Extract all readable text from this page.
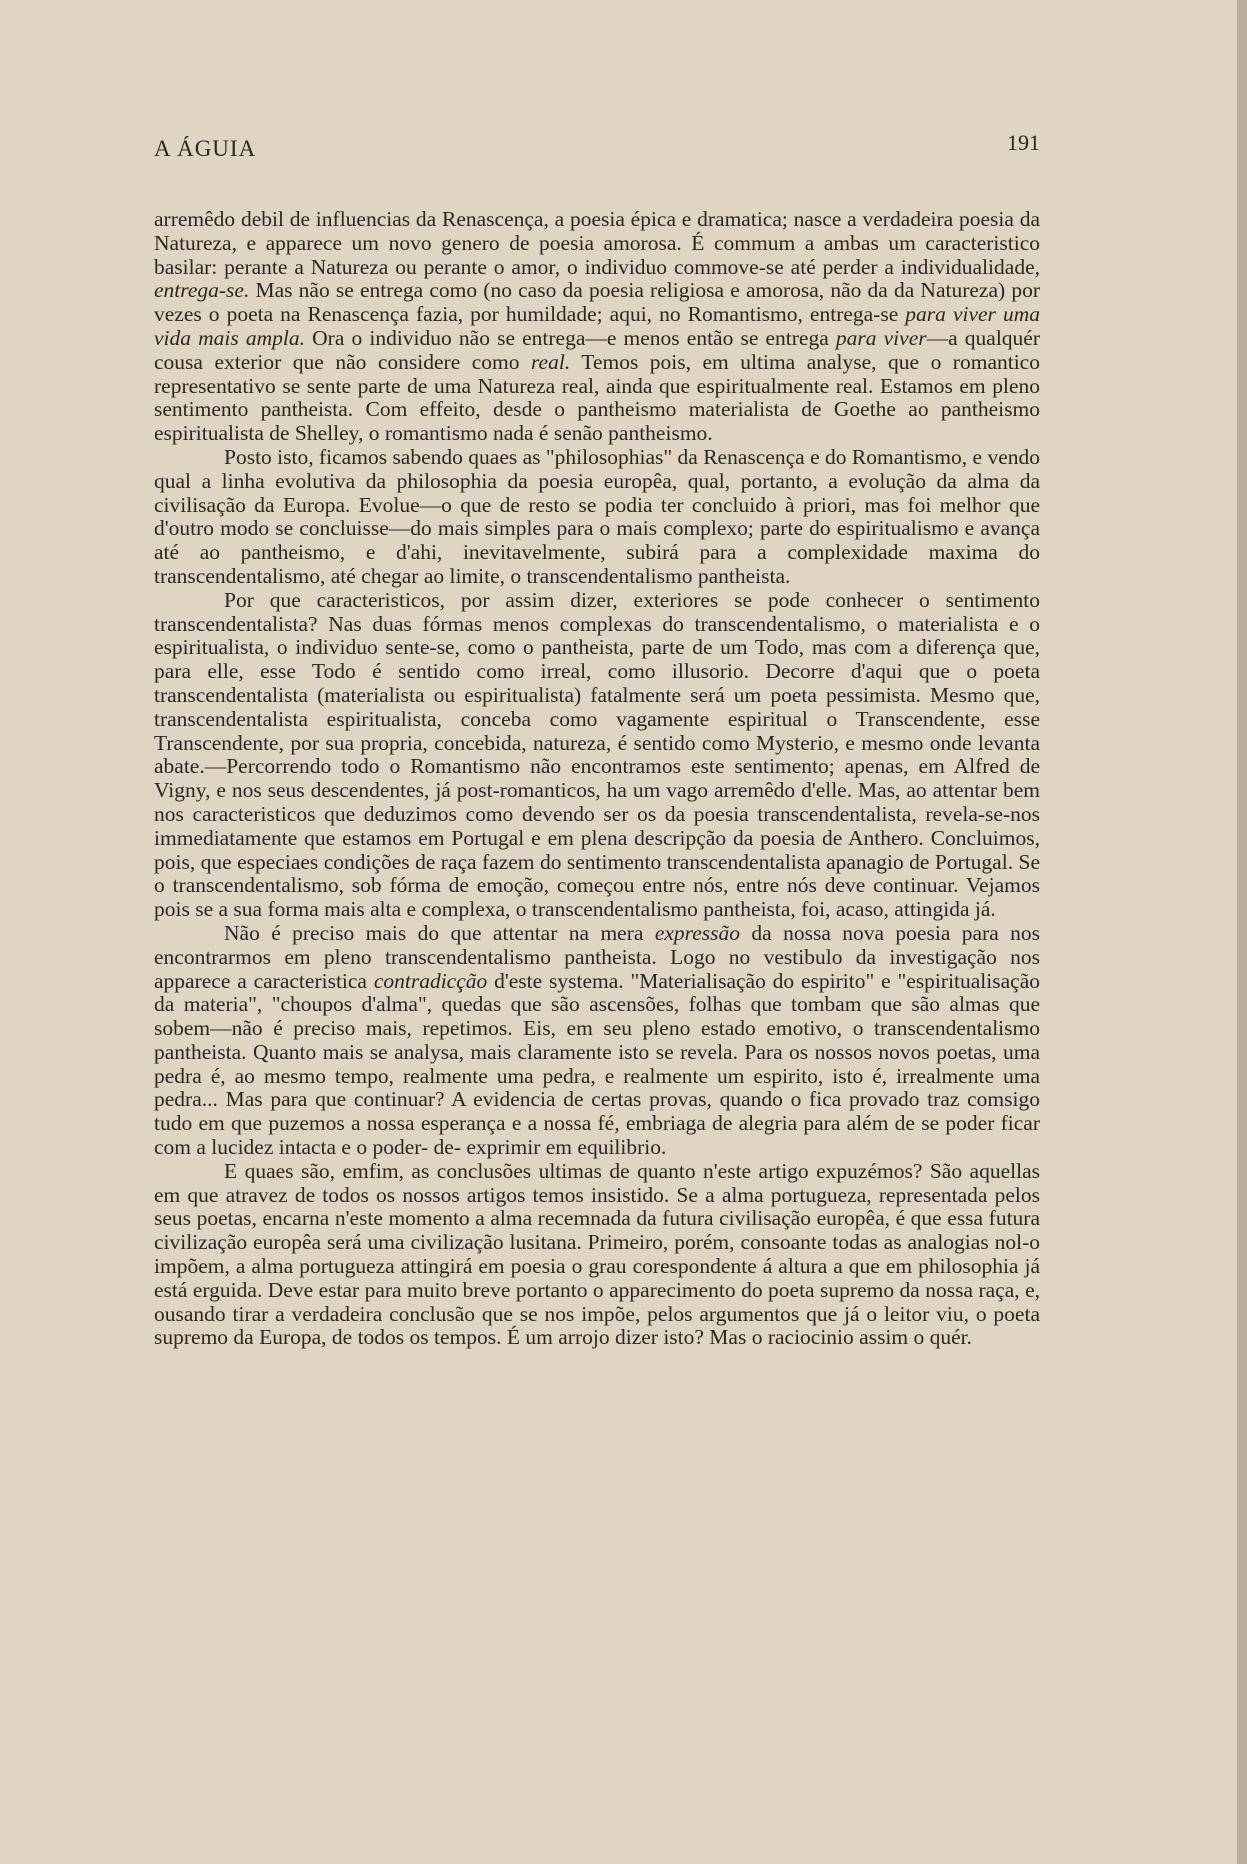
A ÁGUIA	191

arremêdo debil de influencias da Renascença, a poesia épica e dramatica; nasce a verdadeira poesia da Natureza, e apparece um novo genero de poesia amorosa. É commum a ambas um caracteristico basilar: perante a Natureza ou perante o amor, o individuo commove-se até perder a individualidade, entrega-se. Mas não se entrega como (no caso da poesia religiosa e amorosa, não da da Natureza) por vezes o poeta na Renascença fazia, por humildade; aqui, no Romantismo, entrega-se para viver uma vida mais ampla. Ora o individuo não se entrega—e menos então se entrega para viver—a qualquér cousa exterior que não considere como real. Temos pois, em ultima analyse, que o romantico representativo se sente parte de uma Natureza real, ainda que espiritualmente real. Estamos em pleno sentimento pantheista. Com effeito, desde o pantheismo materialista de Goethe ao pantheismo espiritualista de Shelley, o romantismo nada é senão pantheismo.

Posto isto, ficamos sabendo quaes as "philosophias" da Renascença e do Romantismo, e vendo qual a linha evolutiva da philosophia da poesia europêa, qual, portanto, a evolução da alma da civilisação da Europa. Evolue—o que de resto se podia ter concluido à priori, mas foi melhor que d'outro modo se concluisse—do mais simples para o mais complexo; parte do espiritualismo e avança até ao pantheismo, e d'ahi, inevitavelmente, subirá para a complexidade maxima do transcendentalismo, até chegar ao limite, o transcendentalismo pantheista.

Por que caracteristicos, por assim dizer, exteriores se pode conhecer o sentimento transcendentalista? Nas duas fórmas menos complexas do transcendentalismo, o materialista e o espiritualista, o individuo sente-se, como o pantheista, parte de um Todo, mas com a diferença que, para elle, esse Todo é sentido como irreal, como illusorio. Decorre d'aqui que o poeta transcendentalista (materialista ou espiritualista) fatalmente será um poeta pessimista. Mesmo que, transcendentalista espiritualista, conceba como vagamente espiritual o Transcendente, esse Transcendente, por sua propria, concebida, natureza, é sentido como Mysterio, e mesmo onde levanta abate.—Percorrendo todo o Romantismo não encontramos este sentimento; apenas, em Alfred de Vigny, e nos seus descendentes, já post-romanticos, ha um vago arremêdo d'elle. Mas, ao attentar bem nos caracteristicos que deduzimos como devendo ser os da poesia transcendentalista, revela-se-nos immediatamente que estamos em Portugal e em plena descripção da poesia de Anthero. Concluimos, pois, que especiaes condições de raça fazem do sentimento transcendentalista apanagio de Portugal. Se o transcendentalismo, sob fórma de emoção, começou entre nós, entre nós deve continuar. Vejamos pois se a sua forma mais alta e complexa, o transcendentalismo pantheista, foi, acaso, attingida já.

Não é preciso mais do que attentar na mera expressão da nossa nova poesia para nos encontrarmos em pleno transcendentalismo pantheista. Logo no vestibulo da investigação nos apparece a caracteristica contradicção d'este systema. "Materialisação do espirito" e "espiritualisação da materia", "choupos d'alma", quedas que são ascensões, folhas que tombam que são almas que sobem—não é preciso mais, repetimos. Eis, em seu pleno estado emotivo, o transcendentalismo pantheista. Quanto mais se analysa, mais claramente isto se revela. Para os nossos novos poetas, uma pedra é, ao mesmo tempo, realmente uma pedra, e realmente um espirito, isto é, irrealmente uma pedra... Mas para que continuar? A evidencia de certas provas, quando o fica provado traz comsigo tudo em que puzemos a nossa esperança e a nossa fé, embriaga de alegria para além de se poder ficar com a lucidez intacta e o poder- de- exprimir em equilibrio.

E quaes são, emfim, as conclusões ultimas de quanto n'este artigo expuzémos? São aquellas em que atravez de todos os nossos artigos temos insistido. Se a alma portugueza, representada pelos seus poetas, encarna n'este momento a alma recemnada da futura civilisação europêa, é que essa futura civilização europêa será uma civilização lusitana. Primeiro, porém, consoante todas as analogias nol-o impõem, a alma portugueza attingirá em poesia o grau corespondente á altura a que em philosophia já está erguida. Deve estar para muito breve portanto o apparecimento do poeta supremo da nossa raça, e, ousando tirar a verdadeira conclusão que se nos impõe, pelos argumentos que já o leitor viu, o poeta supremo da Europa, de todos os tempos. É um arrojo dizer isto? Mas o raciocinio assim o quér.
